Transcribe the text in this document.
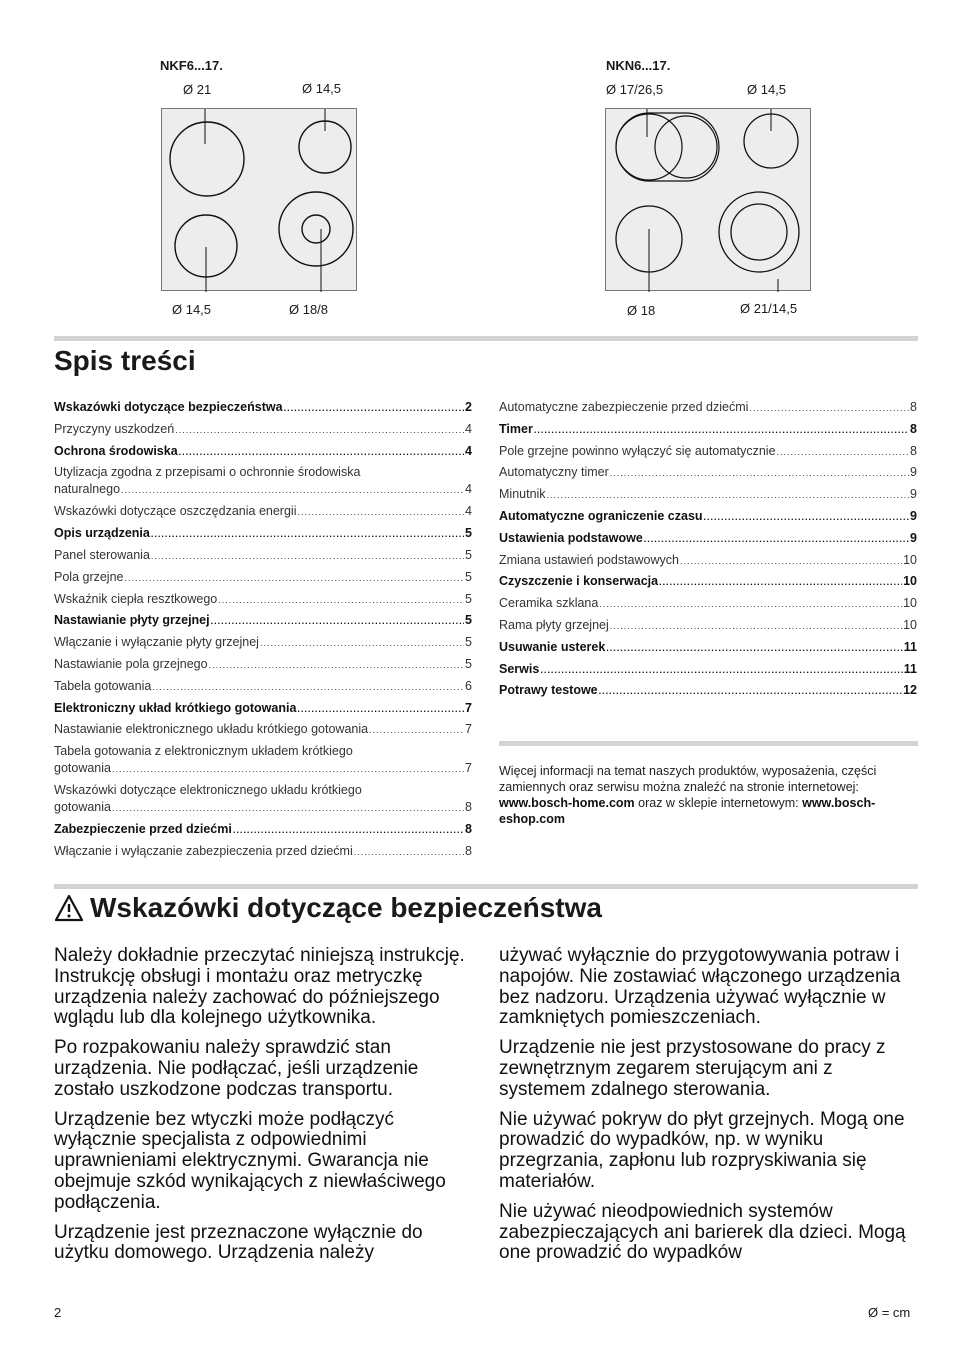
NKF6...17.
Ø 21	Ø 14,5
Ø 14,5	Ø 18/8
NKN6...17.
Ø 17/26,5	Ø 14,5
Ø 18	Ø 21/14,5
Spis treści
Wskazówki dotyczące bezpieczeństwa .....	2
Przyczyny uszkodzeń .....	4
Ochrona środowiska .....	4
Utylizacja zgodna z przepisami o ochronnie środowiska
naturalnego .....	4
Wskazówki dotyczące oszczędzania energii .....	4
Opis urządzenia .....	5
Panel sterowania .....	5
Pola grzejne .....	5
Wskaźnik ciepła resztkowego .....	5
Nastawianie płyty grzejnej .....	5
Włączanie i wyłączanie płyty grzejnej .....	5
Nastawianie pola grzejnego .....	5
Tabela gotowania .....	6
Elektroniczny układ krótkiego gotowania .....	7
Nastawianie elektronicznego układu krótkiego gotowania .....	7
Tabela gotowania z elektronicznym układem krótkiego
gotowania .....	7
Wskazówki dotyczące elektronicznego układu krótkiego
gotowania .....	8
Zabezpieczenie przed dziećmi .....	8
Włączanie i wyłączanie zabezpieczenia przed dziećmi .....	8
Automatyczne zabezpieczenie przed dziećmi .....	8
Timer .....	8
Pole grzejne powinno wyłączyć się automatycznie .....	8
Automatyczny timer .....	9
Minutnik .....	9
Automatyczne ograniczenie czasu .....	9
Ustawienia podstawowe .....	9
Zmiana ustawień podstawowych .....	10
Czyszczenie i konserwacja .....	10
Ceramika szklana .....	10
Rama płyty grzejnej .....	10
Usuwanie usterek .....	11
Serwis .....	11
Potrawy testowe .....	12
Więcej informacji na temat naszych produktów, wyposażenia, części zamiennych oraz serwisu można znaleźć na stronie internetowej: www.bosch-home.com oraz w sklepie internetowym: www.bosch-eshop.com
Wskazówki dotyczące bezpieczeństwa

Należy dokładnie przeczytać niniejszą instrukcję. Instrukcję obsługi i montażu oraz metryczkę urządzenia należy zachować do późniejszego wglądu lub dla kolejnego użytkownika.

Po rozpakowaniu należy sprawdzić stan urządzenia. Nie podłączać, jeśli urządzenie zostało uszkodzone podczas transportu.

Urządzenie bez wtyczki może podłączyć wyłącznie specjalista z odpowiednimi uprawnieniami elektrycznymi. Gwarancja nie obejmuje szkód wynikających z niewłaściwego podłączenia.

Urządzenie jest przeznaczone wyłącznie do użytku domowego. Urządzenia należy

używać wyłącznie do przygotowywania potraw i napojów. Nie zostawiać włączonego urządzenia bez nadzoru. Urządzenia używać wyłącznie w zamkniętych pomieszczeniach.

Urządzenie nie jest przystosowane do pracy z zewnętrznym zegarem sterującym ani z systemem zdalnego sterowania.

Nie używać pokryw do płyt grzejnych. Mogą one prowadzić do wypadków, np. w wyniku przegrzania, zapłonu lub rozpryskiwania się materiałów.

Nie używać nieodpowiednich systemów zabezpieczających ani barierek dla dzieci. Mogą one prowadzić do wypadków

2	Ø = cm
